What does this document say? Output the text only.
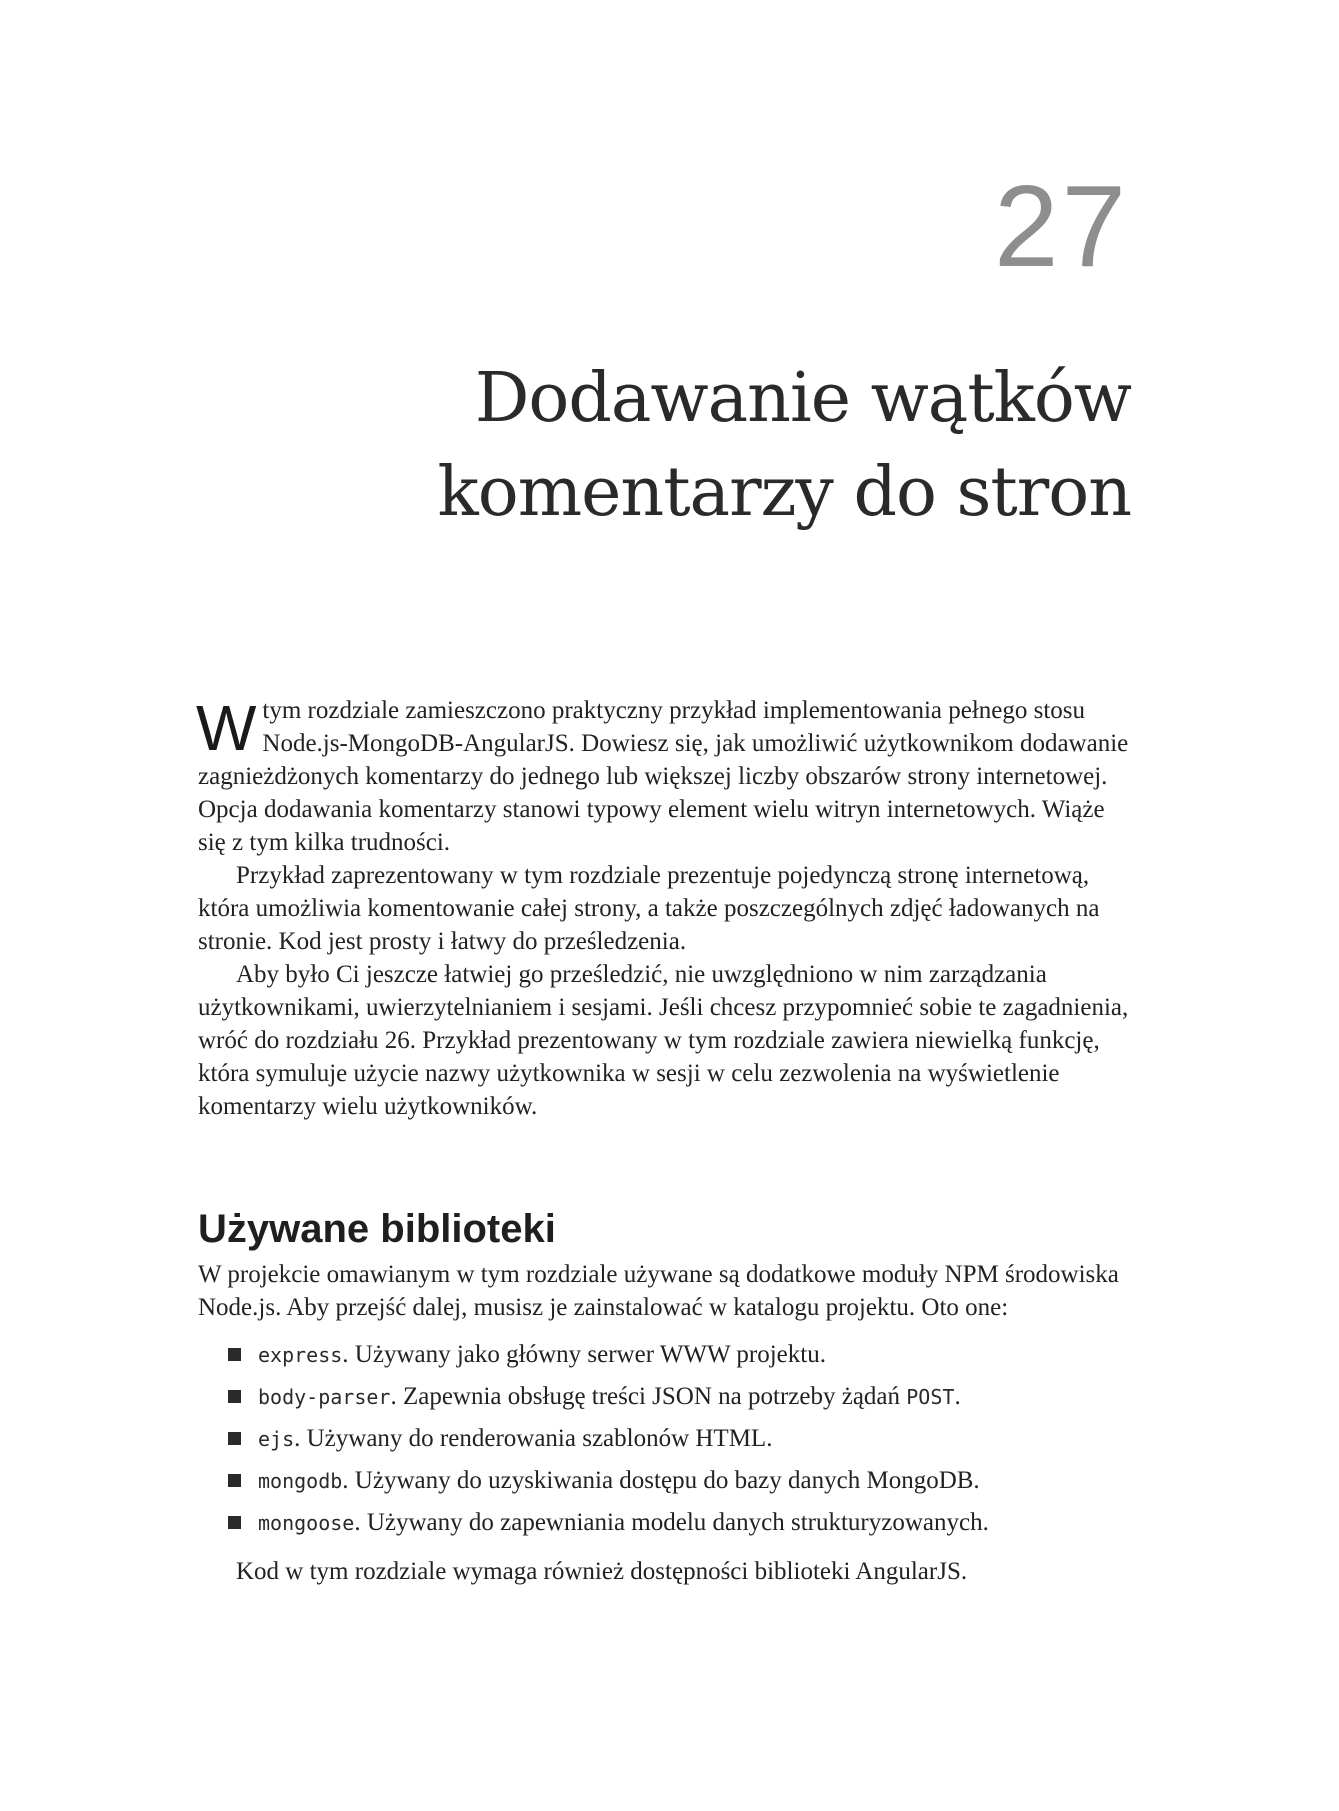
27
Dodawanie wątków
komentarzy do stron

W tym rozdziale zamieszczono praktyczny przykład implementowania pełnego stosu Node.js-MongoDB-AngularJS. Dowiesz się, jak umożliwić użytkownikom dodawanie zagnieżdżonych komentarzy do jednego lub większej liczby obszarów strony internetowej. Opcja dodawania komentarzy stanowi typowy element wielu witryn internetowych. Wiąże się z tym kilka trudności.

Przykład zaprezentowany w tym rozdziale prezentuje pojedynczą stronę internetową, która umożliwia komentowanie całej strony, a także poszczególnych zdjęć ładowanych na stronie. Kod jest prosty i łatwy do prześledzenia.

Aby było Ci jeszcze łatwiej go prześledzić, nie uwzględniono w nim zarządzania użytkownikami, uwierzytelnianiem i sesjami. Jeśli chcesz przypomnieć sobie te zagadnienia, wróć do rozdziału 26. Przykład prezentowany w tym rozdziale zawiera niewielką funkcję, która symuluje użycie nazwy użytkownika w sesji w celu zezwolenia na wyświetlenie komentarzy wielu użytkowników.

Używane biblioteki

W projekcie omawianym w tym rozdziale używane są dodatkowe moduły NPM środowiska Node.js. Aby przejść dalej, musisz je zainstalować w katalogu projektu. Oto one:

express. Używany jako główny serwer WWW projektu.
body-parser. Zapewnia obsługę treści JSON na potrzeby żądań POST.
ejs. Używany do renderowania szablonów HTML.
mongodb. Używany do uzyskiwania dostępu do bazy danych MongoDB.
mongoose. Używany do zapewniania modelu danych strukturyzowanych.

Kod w tym rozdziale wymaga również dostępności biblioteki AngularJS.
